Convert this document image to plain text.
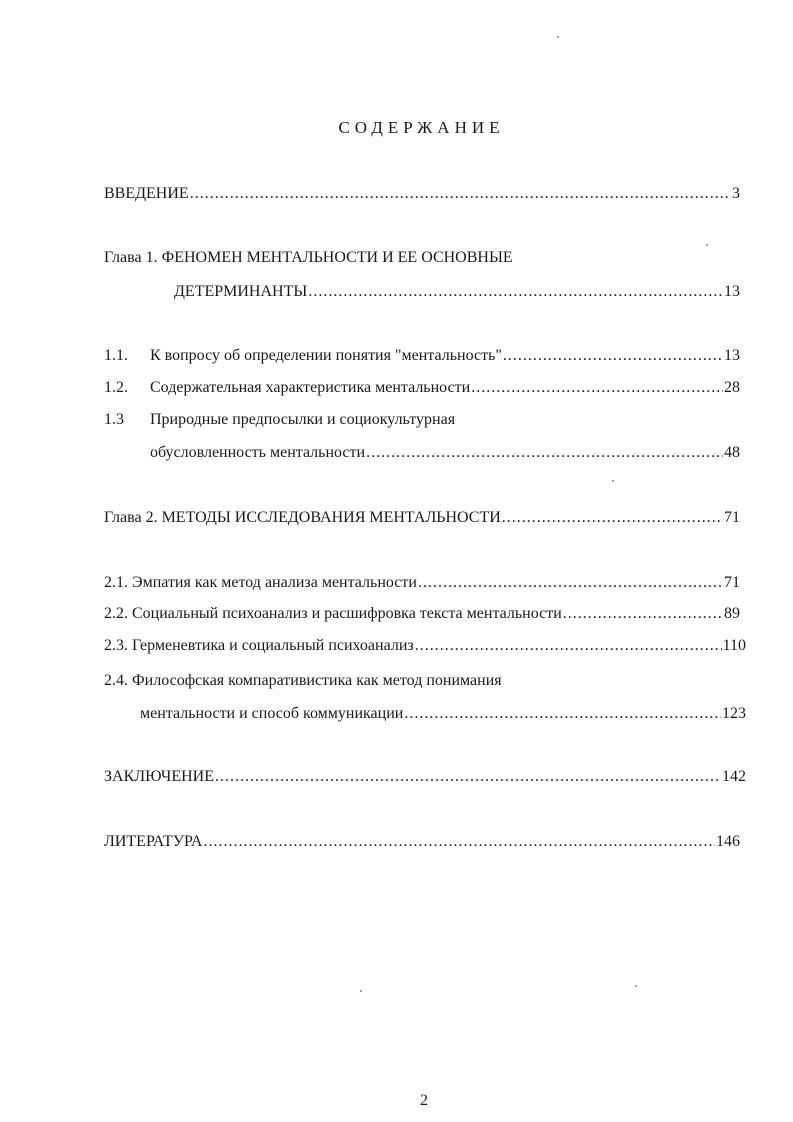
СОДЕРЖАНИЕ
ВВЕДЕНИЕ .....	3
Глава 1. ФЕНОМЕН МЕНТАЛЬНОСТИ И ЕЕ ОСНОВНЫЕ
ДЕТЕРМИНАНТЫ .....	13
1.1.	К вопросу об определении понятия "ментальность" .....	13
1.2.	Содержательная характеристика ментальности .....	28
1.3 Природные предпосылки и социокультурная
обусловленность ментальности .....	48
Глава 2. МЕТОДЫ ИССЛЕДОВАНИЯ МЕНТАЛЬНОСТИ .....	71
2.1. Эмпатия как метод анализа ментальности .....	71
2.2. Социальный психоанализ и расшифровка текста ментальности .....	89
2.3. Герменевтика и социальный психоанализ .....	110
2.4. Философская компаративистика как метод понимания
ментальности и способ коммуникации .....	123
ЗАКЛЮЧЕНИЕ .....	142
ЛИТЕРАТУРА .....	146
2
